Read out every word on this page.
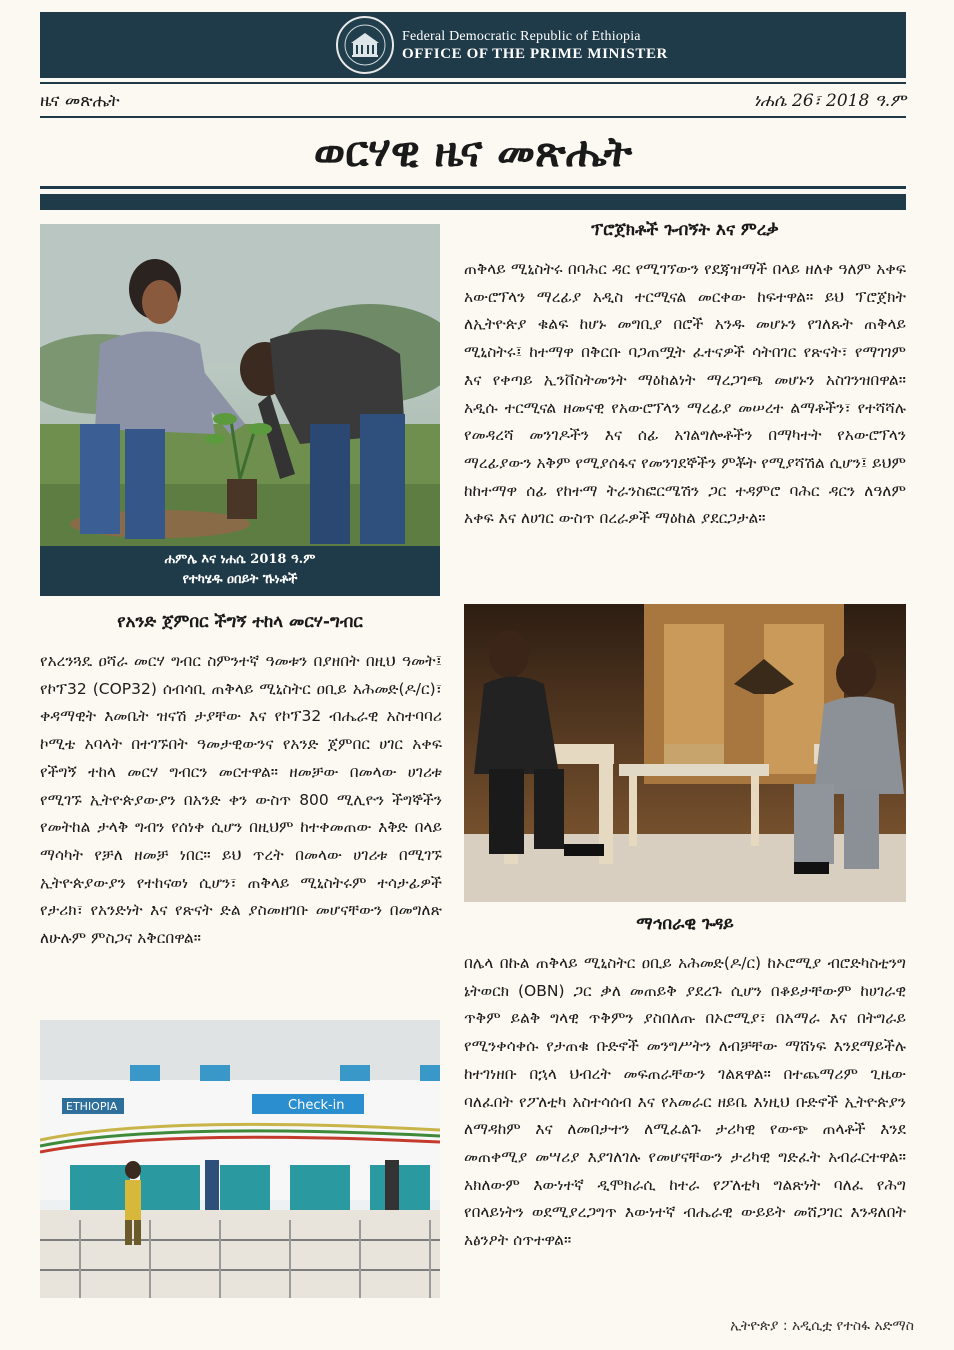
Federal Democratic Republic of Ethiopia
OFFICE OF THE PRIME MINISTER
ዜና መጽሔት	ነሐሴ 26፣ 2018 ዓ.ም
ወርሃዊ ዜና መጽሔት
ሐምሌ እና ነሐሴ 2018 ዓ.ም
የተካሄዱ ዐበይት ኹነቶች
የአንድ ጀምበር ችግኝ ተከላ መርሃ-ግብር
የአረንጓዴ ዐሻራ መርሃ ግብር ስምንተኛ ዓመቱን በያዘበት በዚህ ዓመት፤ የኮፕ32 (COP32) ሰብሳቢ ጠቅላይ ሚኒስትር ዐቢይ አሕመድ(ዶ/ር)፣ ቀዳማዊት እመቤት ዝናሽ ታያቸው እና የኮፕ32 ብሔራዊ አስተባባሪ ኮሚቴ አባላት በተገኙበት ዓመታዊውንና የአንድ ጀምበር ሀገር አቀፍ የችግኝ ተከላ መርሃ ግብርን መርተዋል። ዘመቻው በመላው ሀገሪቱ የሚገኙ ኢትዮጵያውያን በአንድ ቀን ውስጥ 800 ሚሊዮን ችግኞችን የመትከል ታላቅ ግብን የሰነቀ ሲሆን በዚህም ከተቀመጠው እቅድ በላይ ማሳካት የቻለ ዘመቻ ነበር። ይህ ጥረት በመላው ሀገሪቱ በሚገኙ ኢትዮጵያውያን የተከናወነ ሲሆን፣ ጠቅላይ ሚኒስትሩም ተሳታፊዎች የታሪክ፣ የአንድነት እና የጽናት ድል ያስመዘገቡ መሆናቸውን በመግለጽ ለሁሉም ምስጋና አቅርበዋል።
ETHIOPIA	Check-in
ፕሮጀክቶች ጉብኝት እና ምረቃ
ጠቅላይ ሚኒስትሩ በባሕር ዳር የሚገኘውን የደጃዝማች በላይ ዘለቀ ዓለም አቀፍ አውሮፕላን ማረፊያ አዲስ ተርሚናል መርቀው ከፍተዋል። ይህ ፕሮጀክት ለኢትዮጵያ ቁልፍ ከሆኑ መግቢያ በሮች አንዱ መሆኑን የገለጹት ጠቅላይ ሚኒስትሩ፤ ከተማዋ በቅርቡ ባጋጠሟት ፈተናዎች ሳትበገር የጽናት፣ የማገገም እና የቀጣይ ኢንቨስትመንት ማዕከልነት ማረጋገጫ መሆኑን አስገንዝበዋል። አዲሱ ተርሚናል ዘመናዊ የአውሮፕላን ማረፊያ መሠረተ ልማቶችን፣ የተሻሻሉ የመዳረሻ መንገዶችን እና ሰፊ አገልግሎቶችን በማካተት የአውሮፕላን ማረፊያውን አቅም የሚያሰፋና የመንገደኞችን ምቾት የሚያሻሽል ሲሆን፤ ይህም ከከተማዋ ሰፊ የከተማ ትራንስፎርሜሽን ጋር ተዳምሮ ባሕር ዳርን ለዓለም አቀፍ እና ለሀገር ውስጥ በረራዎች ማዕከል ያደርጋታል።
ማኅበራዊ ጉዳይ
በሌላ በኩል ጠቅላይ ሚኒስትር ዐቢይ አሕመድ(ዶ/ር) ከኦሮሚያ ብሮድካስቲንግ ኔትወርክ (OBN) ጋር ቃለ መጠይቅ ያደረጉ ሲሆን በቆይታቸውም ከሀገራዊ ጥቅም ይልቅ ግላዊ ጥቅምን ያስበለጡ በኦሮሚያ፣ በአማራ እና በትግራይ የሚንቀሳቀሱ የታጠቁ ቡድኖች መንግሥትን ለብቻቸው ማሸነፍ እንደማይችሉ ከተገነዘቡ በኋላ ህብረት መፍጠራቸውን ገልጸዋል። በተጨማሪም ጊዜው ባለፈበት የፖለቲካ አስተሳሰብ እና የአመራር ዘይቤ እነዚህ ቡድኖች ኢትዮጵያን ለማዳከም እና ለመበታተን ለሚፈልጉ ታሪካዊ የውጭ ጠላቶች እንደ መጠቀሚያ መሣሪያ እያገለገሉ የመሆናቸውን ታሪካዊ ግድፈት አብራርተዋል። አክለውም እውነተኛ ዲሞክራሲ ከተራ የፖለቲካ ግልጽነት ባለፈ የሕግ የበላይነትን ወደሚያረጋግጥ እውነተኛ ብሔራዊ ውይይት መሸጋገር እንዳለበት አፅንዖት ሰጥተዋል።
ኢትዮጵያ : አዲሲቷ የተስፋ አድማስ
